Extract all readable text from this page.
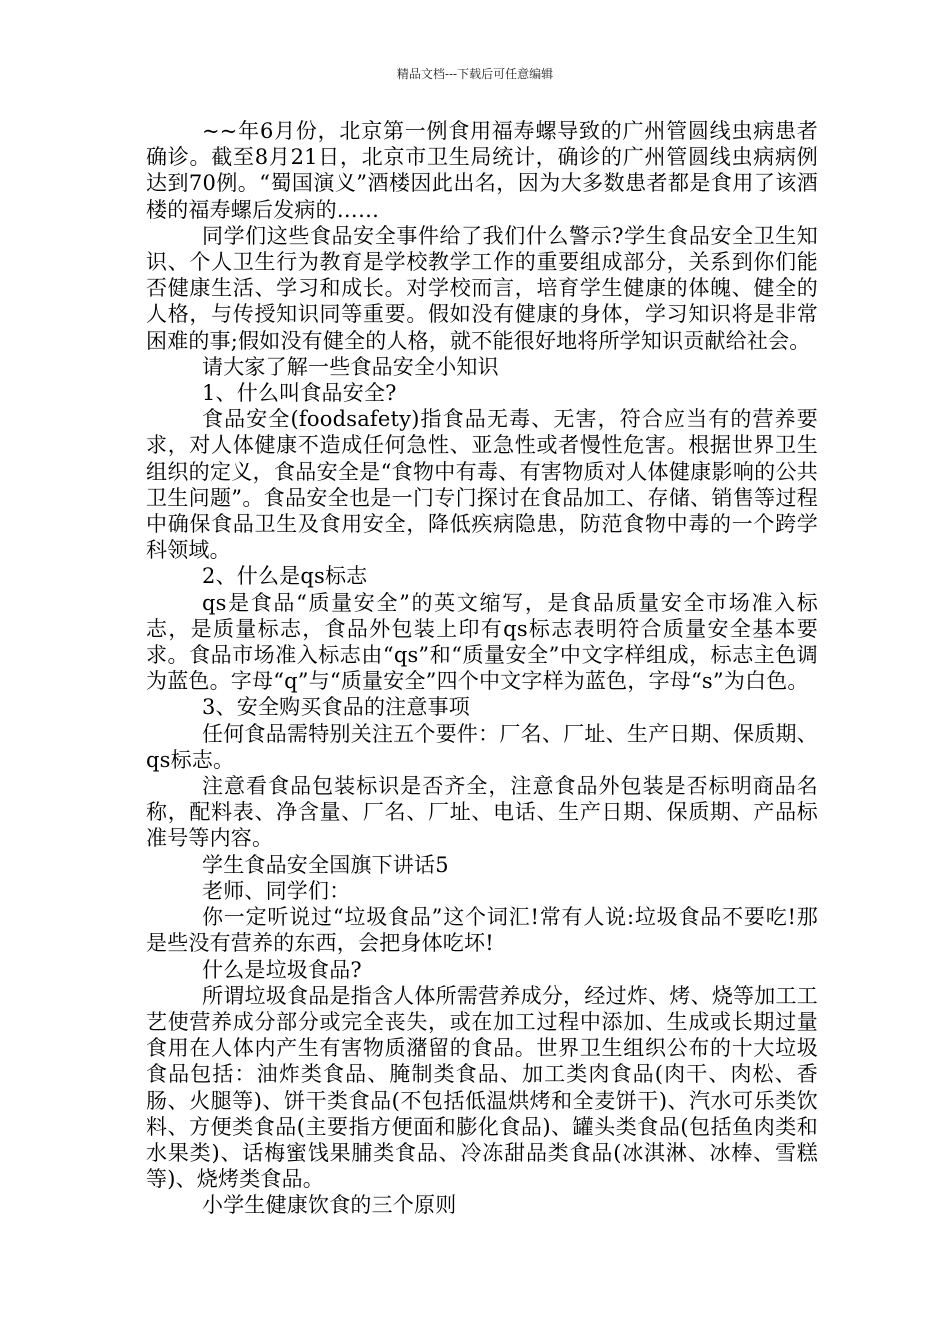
精品文档---下载后可任意编辑

~~年6月份，北京第一例食用福寿螺导致的广州管圆线虫病患者确诊。截至8月21日，北京市卫生局统计，确诊的广州管圆线虫病病例达到70例。“蜀国演义”酒楼因此出名，因为大多数患者都是食用了该酒楼的福寿螺后发病的……

同学们这些食品安全事件给了我们什么警示?学生食品安全卫生知识、个人卫生行为教育是学校教学工作的重要组成部分，关系到你们能否健康生活、学习和成长。对学校而言，培育学生健康的体魄、健全的人格，与传授知识同等重要。假如没有健康的身体，学习知识将是非常困难的事;假如没有健全的人格，就不能很好地将所学知识贡献给社会。

请大家了解一些食品安全小知识

1、什么叫食品安全?

食品安全(foodsafety)指食品无毒、无害，符合应当有的营养要求，对人体健康不造成任何急性、亚急性或者慢性危害。根据世界卫生组织的定义，食品安全是“食物中有毒、有害物质对人体健康影响的公共卫生问题”。食品安全也是一门专门探讨在食品加工、存储、销售等过程中确保食品卫生及食用安全，降低疾病隐患，防范食物中毒的一个跨学科领域。

2、什么是qs标志

qs是食品“质量安全”的英文缩写，是食品质量安全市场准入标志，是质量标志，食品外包装上印有qs标志表明符合质量安全基本要求。食品市场准入标志由“qs”和“质量安全”中文字样组成，标志主色调为蓝色。字母“q”与“质量安全”四个中文字样为蓝色，字母“s”为白色。

3、安全购买食品的注意事项

任何食品需特别关注五个要件：厂名、厂址、生产日期、保质期、qs标志。

注意看食品包装标识是否齐全，注意食品外包装是否标明商品名称，配料表、净含量、厂名、厂址、电话、生产日期、保质期、产品标准号等内容。

学生食品安全国旗下讲话5

老师、同学们：

你一定听说过“垃圾食品”这个词汇!常有人说:垃圾食品不要吃!那是些没有营养的东西，会把身体吃坏!

什么是垃圾食品?

所谓垃圾食品是指含人体所需营养成分，经过炸、烤、烧等加工工艺使营养成分部分或完全丧失，或在加工过程中添加、生成或长期过量食用在人体内产生有害物质潴留的食品。世界卫生组织公布的十大垃圾食品包括：油炸类食品、腌制类食品、加工类肉食品(肉干、肉松、香肠、火腿等)、饼干类食品(不包括低温烘烤和全麦饼干)、汽水可乐类饮料、方便类食品(主要指方便面和膨化食品)、罐头类食品(包括鱼肉类和水果类)、话梅蜜饯果脯类食品、冷冻甜品类食品(冰淇淋、冰棒、雪糕等)、烧烤类食品。

小学生健康饮食的三个原则
